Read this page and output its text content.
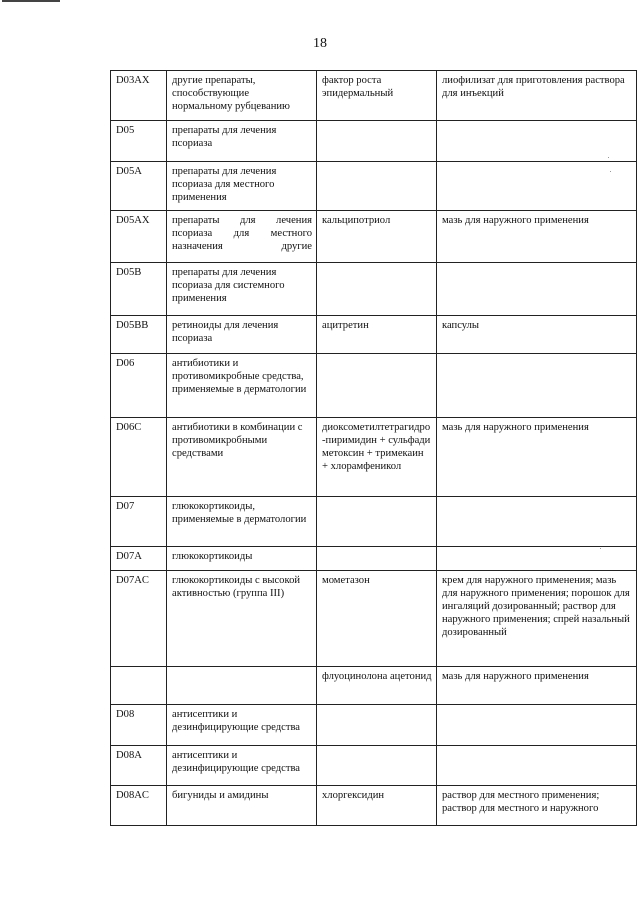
18
D03AX	другие препараты, способствующие нормальному рубцеванию	фактор роста эпидермальный	лиофилизат для приготовления раствора для инъекций
D05	препараты для лечения псориаза		
D05A	препараты для лечения псориаза для местного применения		
D05AX	препараты для лечения псориаза для местного назначения другие	кальципотриол	мазь для наружного применения
D05B	препараты для лечения псориаза для системного применения		
D05BB	ретиноиды для лечения псориаза	ацитретин	капсулы
D06	антибиотики и противомикробные средства, применяемые в дерматологии		
D06C	антибиотики в комбинации с противомикробными средствами	диоксометилтетрагидро-пиримидин + сульфадиметоксин + тримекаин + хлорамфеникол	мазь для наружного применения
D07	глюкокортикоиды, применяемые в дерматологии		
D07A	глюкокортикоиды		
D07AC	глюкокортикоиды с высокой активностью (группа III)	мометазон	крем для наружного применения; мазь для наружного применения; порошок для ингаляций дозированный; раствор для наружного применения; спрей назальный дозированный
		флуоцинолона ацетонид	мазь для наружного применения
D08	антисептики и дезинфицирующие средства		
D08A	антисептики и дезинфицирующие средства		
D08AC	бигуниды и амидины	хлоргексидин	раствор для местного применения; раствор для местного и наружного
